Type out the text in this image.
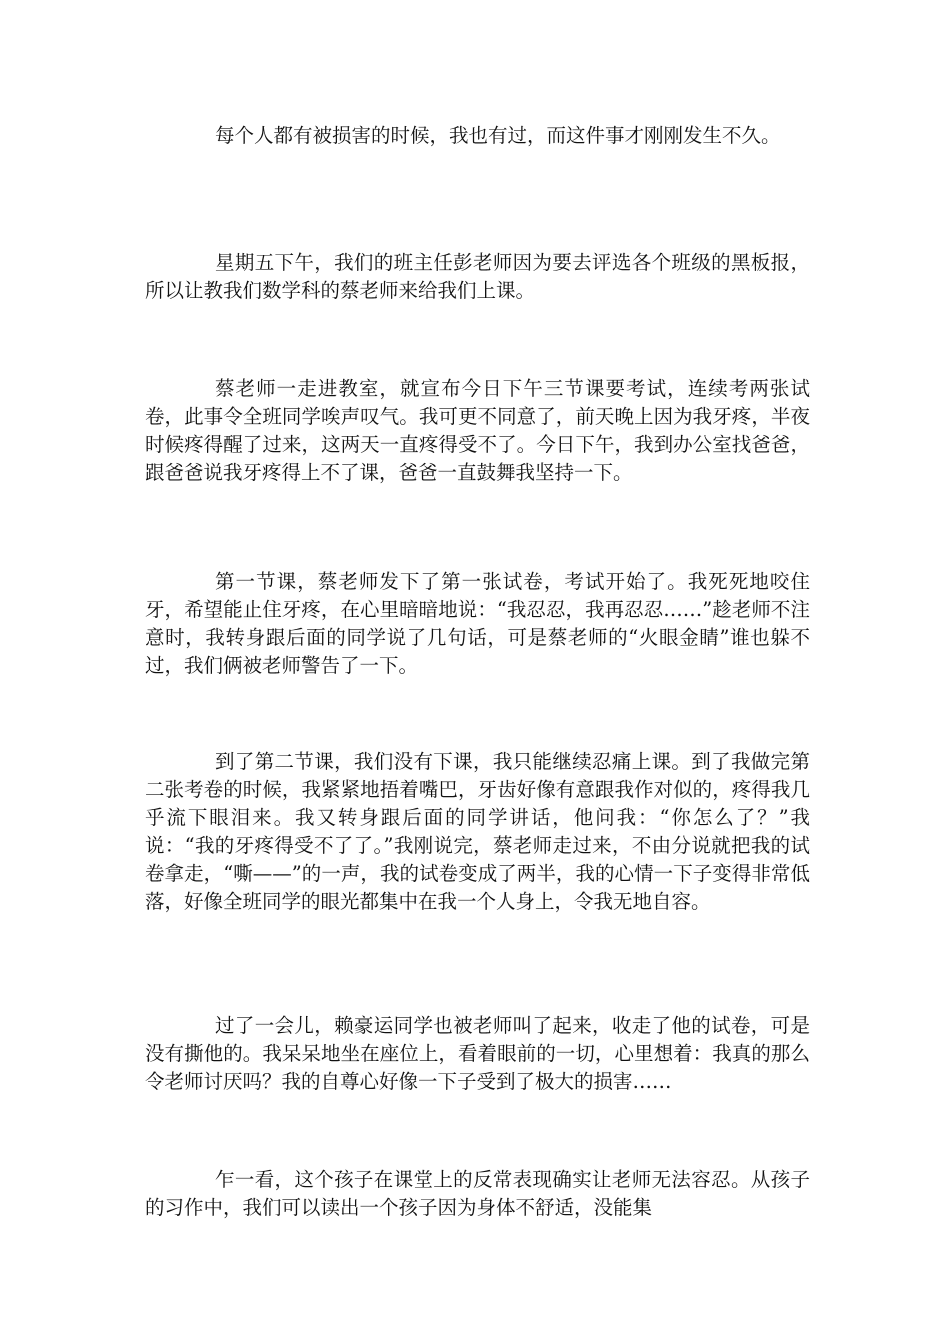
每个人都有被损害的时候，我也有过，而这件事才刚刚发生不久。

星期五下午，我们的班主任彭老师因为要去评选各个班级的黑板报，所以让教我们数学科的蔡老师来给我们上课。

蔡老师一走进教室，就宣布今日下午三节课要考试，连续考两张试卷，此事令全班同学唉声叹气。我可更不同意了，前天晚上因为我牙疼，半夜时候疼得醒了过来，这两天一直疼得受不了。今日下午，我到办公室找爸爸，跟爸爸说我牙疼得上不了课，爸爸一直鼓舞我坚持一下。

第一节课，蔡老师发下了第一张试卷，考试开始了。我死死地咬住牙，希望能止住牙疼，在心里暗暗地说：“我忍忍，我再忍忍……”趁老师不注意时，我转身跟后面的同学说了几句话，可是蔡老师的“火眼金睛”谁也躲不过，我们俩被老师警告了一下。

到了第二节课，我们没有下课，我只能继续忍痛上课。到了我做完第二张考卷的时候，我紧紧地捂着嘴巴，牙齿好像有意跟我作对似的，疼得我几乎流下眼泪来。我又转身跟后面的同学讲话，他问我：“你怎么了？”我说：“我的牙疼得受不了了。”我刚说完，蔡老师走过来，不由分说就把我的试卷拿走，“嘶——”的一声，我的试卷变成了两半，我的心情一下子变得非常低落，好像全班同学的眼光都集中在我一个人身上，令我无地自容。

过了一会儿，赖豪运同学也被老师叫了起来，收走了他的试卷，可是没有撕他的。我呆呆地坐在座位上，看着眼前的一切，心里想着：我真的那么令老师讨厌吗？我的自尊心好像一下子受到了极大的损害……

乍一看，这个孩子在课堂上的反常表现确实让老师无法容忍。从孩子的习作中，我们可以读出一个孩子因为身体不舒适，没能集
